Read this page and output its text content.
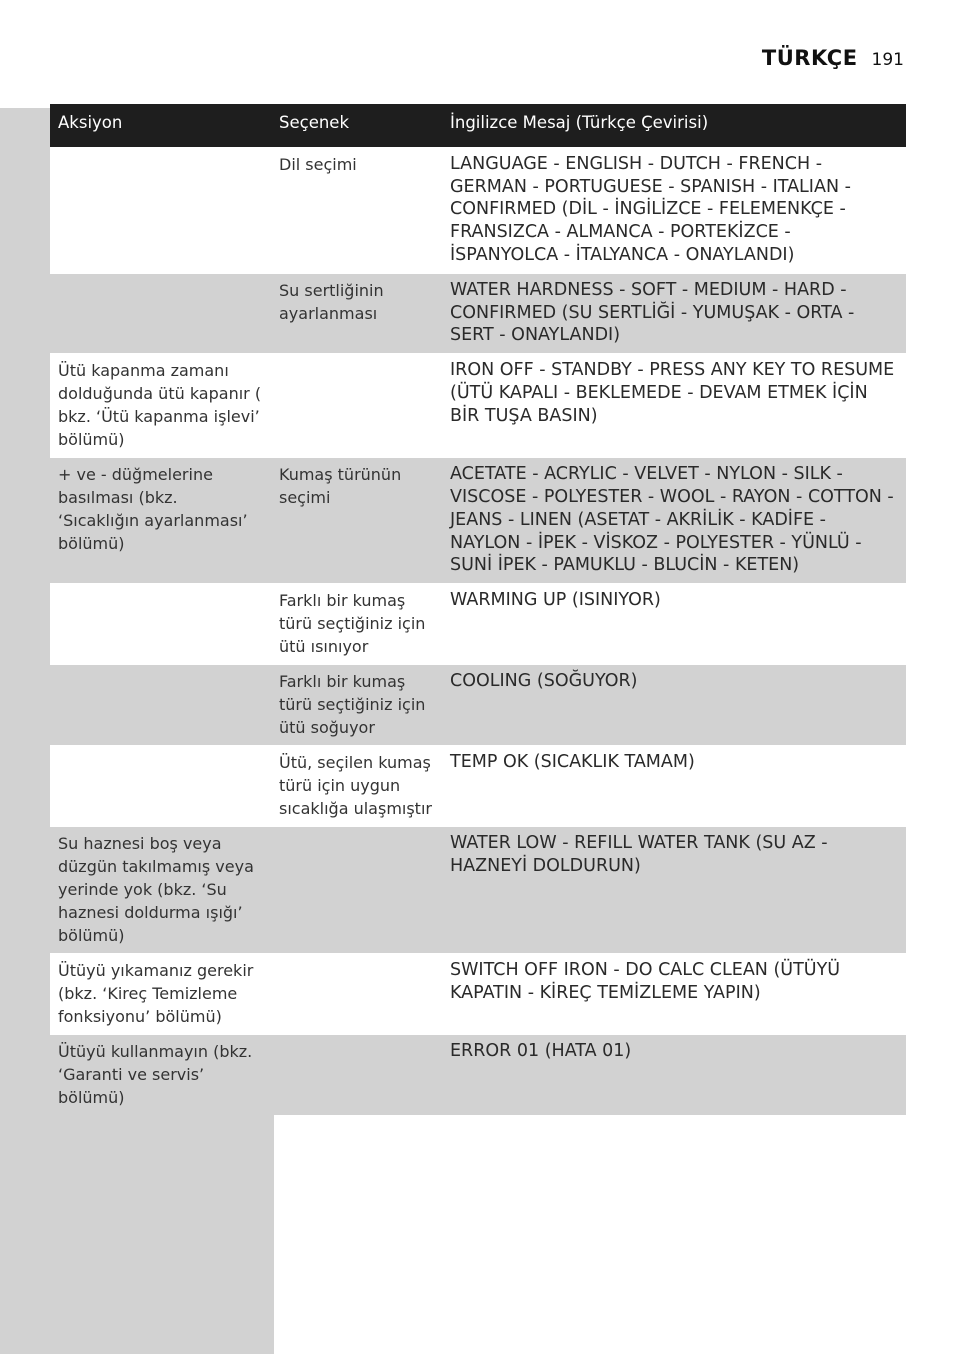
TÜRKÇE 191
Aksiyon	Seçenek	İngilizce Mesaj (Türkçe Çevirisi)
	Dil seçimi	LANGUAGE - ENGLISH - DUTCH - FRENCH - GERMAN - PORTUGUESE - SPANISH - ITALIAN - CONFIRMED (DİL - İNGİLİZCE - FELEMENKÇE - FRANSIZCA - ALMANCA - PORTEKİZCE - İSPANYOLCA - İTALYANCA - ONAYLANDI)
	Su sertliğinin ayarlanması	WATER HARDNESS - SOFT - MEDIUM - HARD - CONFIRMED (SU SERTLİĞİ - YUMUŞAK - ORTA - SERT - ONAYLANDI)
Ütü kapanma zamanı dolduğunda ütü kapanır ( bkz. ‘Ütü kapanma işlevi’ bölümü)		IRON OFF - STANDBY - PRESS ANY KEY TO RESUME (ÜTÜ KAPALI - BEKLEMEDE - DEVAM ETMEK İÇİN BİR TUŞA BASIN)
+ ve - düğmelerine basılması (bkz. ‘Sıcaklığın ayarlanması’ bölümü)	Kumaş türünün seçimi	ACETATE - ACRYLIC - VELVET - NYLON - SILK - VISCOSE - POLYESTER - WOOL - RAYON - COTTON - JEANS - LINEN (ASETAT - AKRİLİK - KADİFE - NAYLON - İPEK - VİSKOZ - POLYESTER - YÜNLÜ - SUNİ İPEK - PAMUKLU - BLUCİN - KETEN)
	Farklı bir kumaş türü seçtiğiniz için ütü ısınıyor	WARMING UP (ISINIYOR)
	Farklı bir kumaş türü seçtiğiniz için ütü soğuyor	COOLING (SOĞUYOR)
	Ütü, seçilen kumaş türü için uygun sıcaklığa ulaşmıştır	TEMP OK (SICAKLIK TAMAM)
Su haznesi boş veya düzgün takılmamış veya yerinde yok (bkz. ‘Su haznesi doldurma ışığı’ bölümü)		WATER LOW - REFILL WATER TANK (SU AZ - HAZNEYİ DOLDURUN)
Ütüyü yıkamanız gerekir (bkz. ‘Kireç Temizleme fonksiyonu’ bölümü)		SWITCH OFF IRON - DO CALC CLEAN (ÜTÜYÜ KAPATIN - KİREÇ TEMİZLEME YAPIN)
Ütüyü kullanmayın (bkz. ‘Garanti ve servis’ bölümü)		ERROR 01 (HATA 01)
